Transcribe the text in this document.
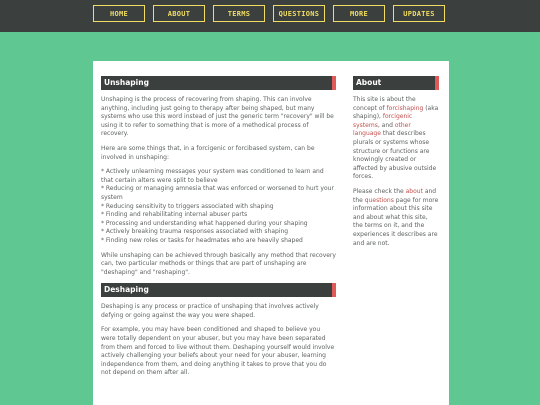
HOME	ABOUT	TERMS	QUESTIONS	MORE	UPDATES
Unshaping

Unshaping is the process of recovering from shaping. This can involve anything, including just going to therapy after being shaped, but many systems who use this word instead of just the generic term "recovery" will be using it to refer to something that is more of a methodical process of recovery.

Here are some things that, in a forcigenic or forcibased system, can be involved in unshaping:

* Actively unlearning messages your system was conditioned to learn and that certain alters were split to believe
* Reducing or managing amnesia that was enforced or worsened to hurt your system
* Reducing sensitivity to triggers associated with shaping
* Finding and rehabilitating internal abuser parts
* Processing and understanding what happened during your shaping
* Actively breaking trauma responses associated with shaping
* Finding new roles or tasks for headmates who are heavily shaped

While unshaping can be achieved through basically any method that recovery can, two particular methods or things that are part of unshaping are "deshaping" and "reshaping".

Deshaping

Deshaping is any process or practice of unshaping that involves actively defying or going against the way you were shaped.

For example, you may have been conditioned and shaped to believe you were totally dependent on your abuser, but you may have been separated from them and forced to live without them. Deshaping yourself would involve actively challenging your beliefs about your need for your abuser, learning independence from them, and doing anything it takes to prove that you do not depend on them after all.

About

This site is about the concept of forcishaping (aka shaping), forcigenic systems, and other language that describes plurals or systems whose structure or functions are knowingly created or affected by abusive outside forces.

Please check the about and the questions page for more information about this site and about what this site, the terms on it, and the experiences it describes are and are not.
